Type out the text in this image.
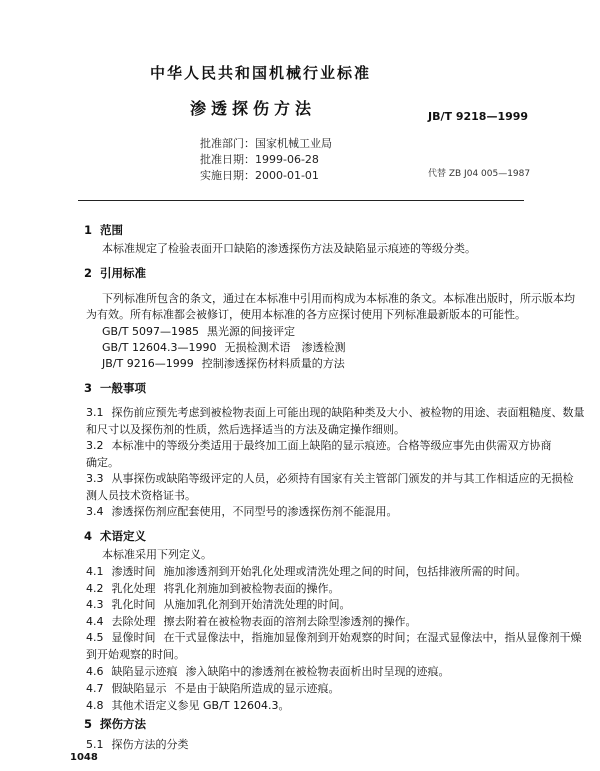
中华人民共和国机械行业标准
渗透探伤方法	JB/T 9218—1999
批准部门：国家机械工业局
批准日期：1999-06-28
实施日期：2000-01-01	代替 ZB J04 005—1987
1 范围
本标准规定了检验表面开口缺陷的渗透探伤方法及缺陷显示痕迹的等级分类。
2 引用标准
下列标准所包含的条文，通过在本标准中引用而构成为本标准的条文。本标准出版时，所示版本均
为有效。所有标准都会被修订，使用本标准的各方应探讨使用下列标准最新版本的可能性。
GB/T 5097—1985 黑光源的间接评定
GB/T 12604.3—1990 无损检测术语　渗透检测
JB/T 9216—1999 控制渗透探伤材料质量的方法
3 一般事项
3.1 探伤前应预先考虑到被检物表面上可能出现的缺陷种类及大小、被检物的用途、表面粗糙度、数量
和尺寸以及探伤剂的性质，然后选择适当的方法及确定操作细则。
3.2 本标准中的等级分类适用于最终加工面上缺陷的显示痕迹。合格等级应事先由供需双方协商
确定。
3.3 从事探伤或缺陷等级评定的人员，必须持有国家有关主管部门颁发的并与其工作相适应的无损检
测人员技术资格证书。
3.4 渗透探伤剂应配套使用，不同型号的渗透探伤剂不能混用。
4 术语定义
本标准采用下列定义。
4.1 渗透时间 施加渗透剂到开始乳化处理或清洗处理之间的时间，包括排液所需的时间。
4.2 乳化处理 将乳化剂施加到被检物表面的操作。
4.3 乳化时间 从施加乳化剂到开始清洗处理的时间。
4.4 去除处理 擦去附着在被检物表面的溶剂去除型渗透剂的操作。
4.5 显像时间 在干式显像法中，指施加显像剂到开始观察的时间；在湿式显像法中，指从显像剂干燥
到开始观察的时间。
4.6 缺陷显示迹痕 渗入缺陷中的渗透剂在被检物表面析出时呈现的迹痕。
4.7 假缺陷显示 不是由于缺陷所造成的显示迹痕。
4.8 其他术语定义参见 GB/T 12604.3。
5 探伤方法
5.1 探伤方法的分类
1048
